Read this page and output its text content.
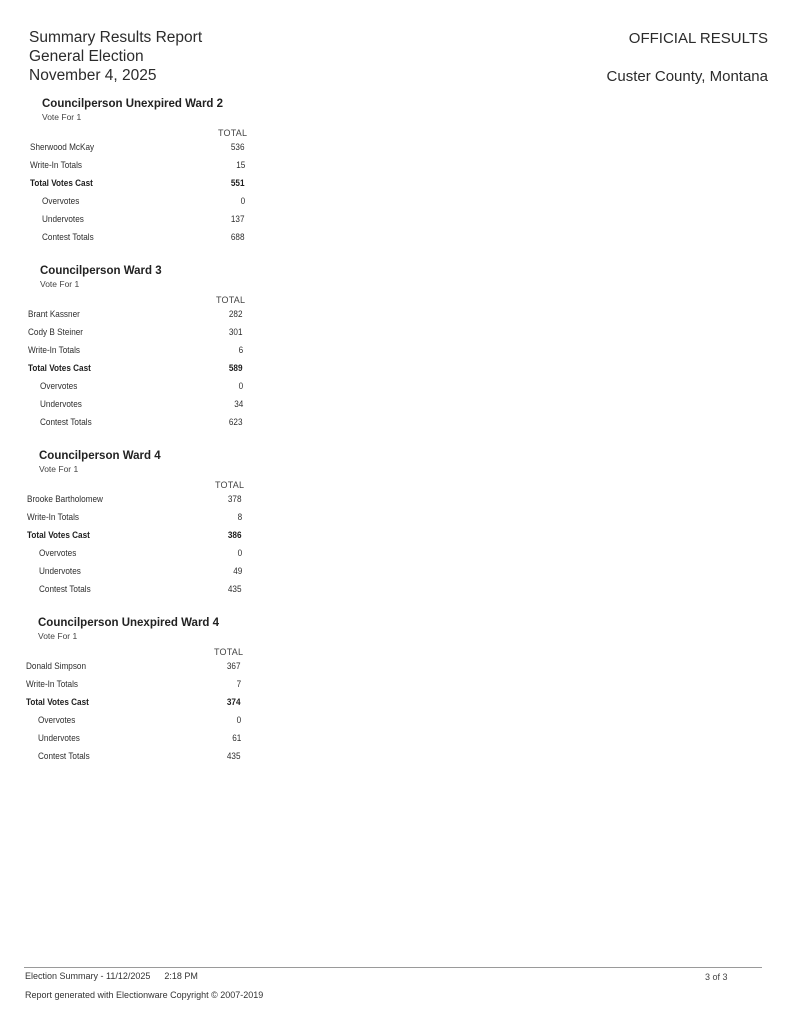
Summary Results Report
General Election
November 4, 2025
OFFICIAL RESULTS
Custer County, Montana
Councilperson Unexpired Ward 2
Vote For 1
TOTAL
Sherwood McKay	536
Write-In Totals	15
Total Votes Cast	551
Overvotes	0
Undervotes	137
Contest Totals	688
Councilperson Ward 3
Vote For 1
TOTAL
Brant Kassner	282
Cody B Steiner	301
Write-In Totals	6
Total Votes Cast	589
Overvotes	0
Undervotes	34
Contest Totals	623
Councilperson Ward 4
Vote For 1
TOTAL
Brooke Bartholomew	378
Write-In Totals	8
Total Votes Cast	386
Overvotes	0
Undervotes	49
Contest Totals	435
Councilperson Unexpired Ward 4
Vote For 1
TOTAL
Donald Simpson	367
Write-In Totals	7
Total Votes Cast	374
Overvotes	0
Undervotes	61
Contest Totals	435
Election Summary - 11/12/2025 2:18 PM	3 of 3
Report generated with Electionware Copyright © 2007-2019
